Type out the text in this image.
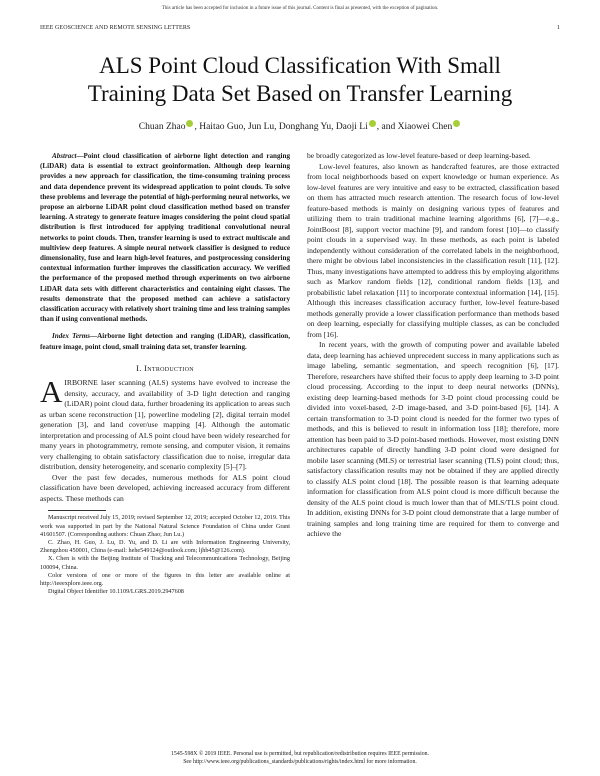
This article has been accepted for inclusion in a future issue of this journal. Content is final as presented, with the exception of pagination.
IEEE GEOSCIENCE AND REMOTE SENSING LETTERS	1
ALS Point Cloud Classification With Small
Training Data Set Based on Transfer Learning
Chuan Zhao , Haitao Guo, Jun Lu, Donghang Yu, Daoji Li , and Xiaowei Chen

Abstract—Point cloud classification of airborne light detection and ranging (LiDAR) data is essential to extract geoinformation. Although deep learning provides a new approach for classification, the time-consuming training process and data dependence prevent its widespread application to point clouds. To solve these problems and leverage the potential of high-performing neural networks, we propose an airborne LiDAR point cloud classification method based on transfer learning. A strategy to generate feature images considering the point cloud spatial distribution is first introduced for applying traditional convolutional neural networks to point clouds. Then, transfer learning is used to extract multiscale and multiview deep features. A simple neural network classifier is designed to reduce dimensionality, fuse and learn high-level features, and postprocessing considering contextual information further improves the classification accuracy. We verified the performance of the proposed method through experiments on two airborne LiDAR data sets with different characteristics and containing eight classes. The results demonstrate that the proposed method can achieve a satisfactory classification accuracy with relatively short training time and less training samples than if using conventional methods.

Index Terms—Airborne light detection and ranging (LiDAR), classification, feature image, point cloud, small training data set, transfer learning.

I. Introduction

AIRBORNE laser scanning (ALS) systems have evolved to increase the density, accuracy, and availability of 3-D light detection and ranging (LiDAR) point cloud data, further broadening its application to areas such as urban scene reconstruction [1], powerline modeling [2], digital terrain model generation [3], and land cover/use mapping [4]. Although the automatic interpretation and processing of ALS point cloud have been widely researched for many years in photogrammetry, remote sensing, and computer vision, it remains very challenging to obtain satisfactory classification due to noise, irregular data distribution, density heterogeneity, and scenario complexity [5]–[7].

Over the past few decades, numerous methods for ALS point cloud classification have been developed, achieving increased accuracy from different aspects. These methods can

Manuscript received July 15, 2019; revised September 12, 2019; accepted October 12, 2019. This work was supported in part by the National Natural Science Foundation of China under Grant 41601507. (Corresponding authors: Chuan Zhao; Jun Lu.)

C. Zhao, H. Guo, J. Lu, D. Yu, and D. Li are with Information Engineering University, Zhengzhou 450001, China (e-mail: hehe549124@outlook.com; ljhb45@126.com).

X. Chen is with the Beijing Institute of Tracking and Telecommunications Technology, Beijing 100094, China.

Color versions of one or more of the figures in this letter are available online at http://ieeexplore.ieee.org.

Digital Object Identifier 10.1109/LGRS.2019.2947608

be broadly categorized as low-level feature-based or deep learning-based.

Low-level features, also known as handcrafted features, are those extracted from local neighborhoods based on expert knowledge or human experience. As low-level features are very intuitive and easy to be extracted, classification based on them has attracted much research attention. The research focus of low-level feature-based methods is mainly on designing various types of features and utilizing them to train traditional machine learning algorithms [6], [7]—e.g., JointBoost [8], support vector machine [9], and random forest [10]—to classify point clouds in a supervised way. In these methods, as each point is labeled independently without consideration of the correlated labels in the neighborhood, there might be obvious label inconsistencies in the classification result [11], [12]. Thus, many investigations have attempted to address this by employing algorithms such as Markov random fields [12], conditional random fields [13], and probabilistic label relaxation [11] to incorporate contextual information [14], [15]. Although this increases classification accuracy further, low-level feature-based methods generally provide a lower classification performance than methods based on deep learning, especially for classifying multiple classes, as can be concluded from [16].

In recent years, with the growth of computing power and available labeled data, deep learning has achieved unprecedent success in many applications such as image labeling, semantic segmentation, and speech recognition [6], [17]. Therefore, researchers have shifted their focus to apply deep learning to 3-D point cloud processing. According to the input to deep neural networks (DNNs), existing deep learning-based methods for 3-D point cloud processing could be divided into voxel-based, 2-D image-based, and 3-D point-based [6], [14]. A certain transformation to 3-D point cloud is needed for the former two types of methods, and this is believed to result in information loss [18]; therefore, more attention has been paid to 3-D point-based methods. However, most existing DNN architectures capable of directly handling 3-D point cloud were designed for mobile laser scanning (MLS) or terrestrial laser scanning (TLS) point cloud; thus, satisfactory classification results may not be obtained if they are applied directly to classify ALS point cloud [18]. The possible reason is that learning adequate information for classification from ALS point cloud is more difficult because the density of the ALS point cloud is much lower than that of MLS/TLS point cloud. In addition, existing DNNs for 3-D point cloud demonstrate that a large number of training samples and long training time are required for them to converge and achieve the

1545-598X © 2019 IEEE. Personal use is permitted, but republication/redistribution requires IEEE permission.
See http://www.ieee.org/publications_standards/publications/rights/index.html for more information.
